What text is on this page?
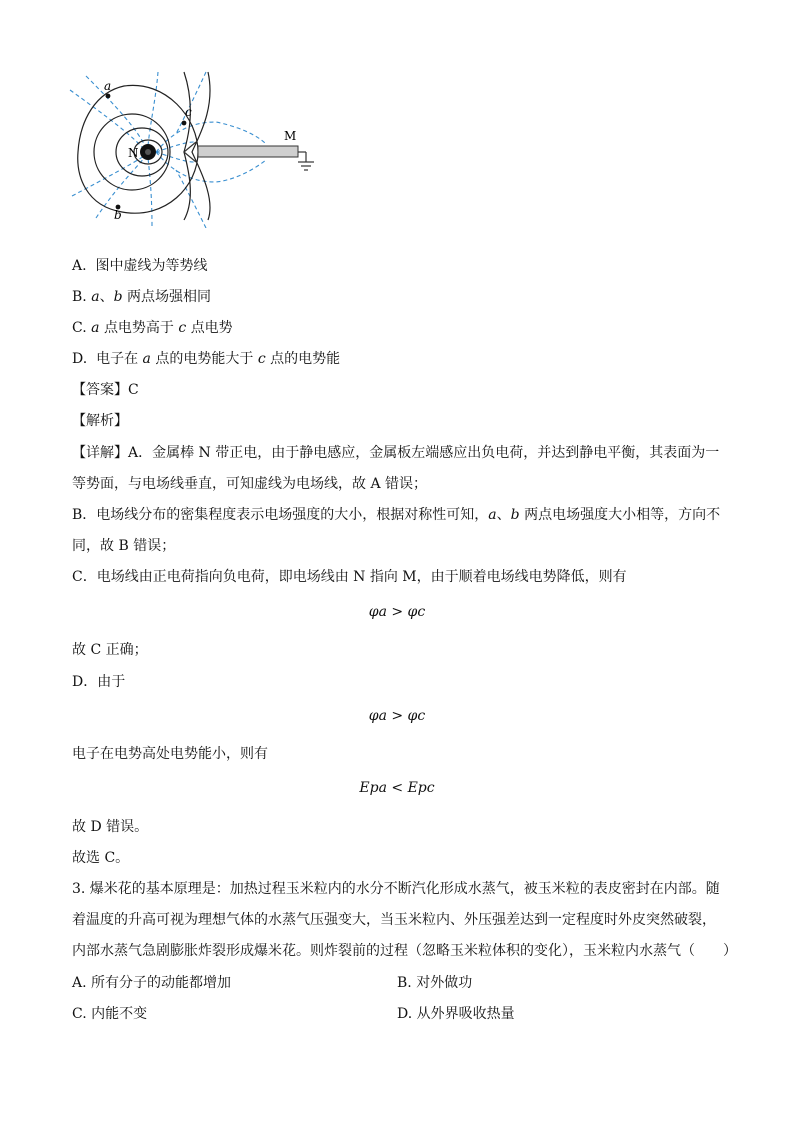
a
b
c
N
M
A. 图中虚线为等势线
B. a、b 两点场强相同
C. a 点电势高于 c 点电势
D. 电子在 a 点的电势能大于 c 点的电势能
【答案】C
【解析】
【详解】A．金属棒 N 带正电，由于静电感应，金属板左端感应出负电荷，并达到静电平衡，其表面为一
等势面，与电场线垂直，可知虚线为电场线，故 A 错误；
B．电场线分布的密集程度表示电场强度的大小，根据对称性可知，a、b 两点电场强度大小相等，方向不
同，故 B 错误；
C．电场线由正电荷指向负电荷，即电场线由 N 指向 M，由于顺着电场线电势降低，则有
φa > φc
故 C 正确；
D．由于
φa > φc
电子在电势高处电势能小，则有
Epa < Epc
故 D 错误。
故选 C。
3. 爆米花的基本原理是：加热过程玉米粒内的水分不断汽化形成水蒸气，被玉米粒的表皮密封在内部。随
着温度的升高可视为理想气体的水蒸气压强变大，当玉米粒内、外压强差达到一定程度时外皮突然破裂，
内部水蒸气急剧膨胀炸裂形成爆米花。则炸裂前的过程（忽略玉米粒体积的变化），玉米粒内水蒸气（　　）
A. 所有分子的动能都增加	B. 对外做功
C. 内能不变	D. 从外界吸收热量
